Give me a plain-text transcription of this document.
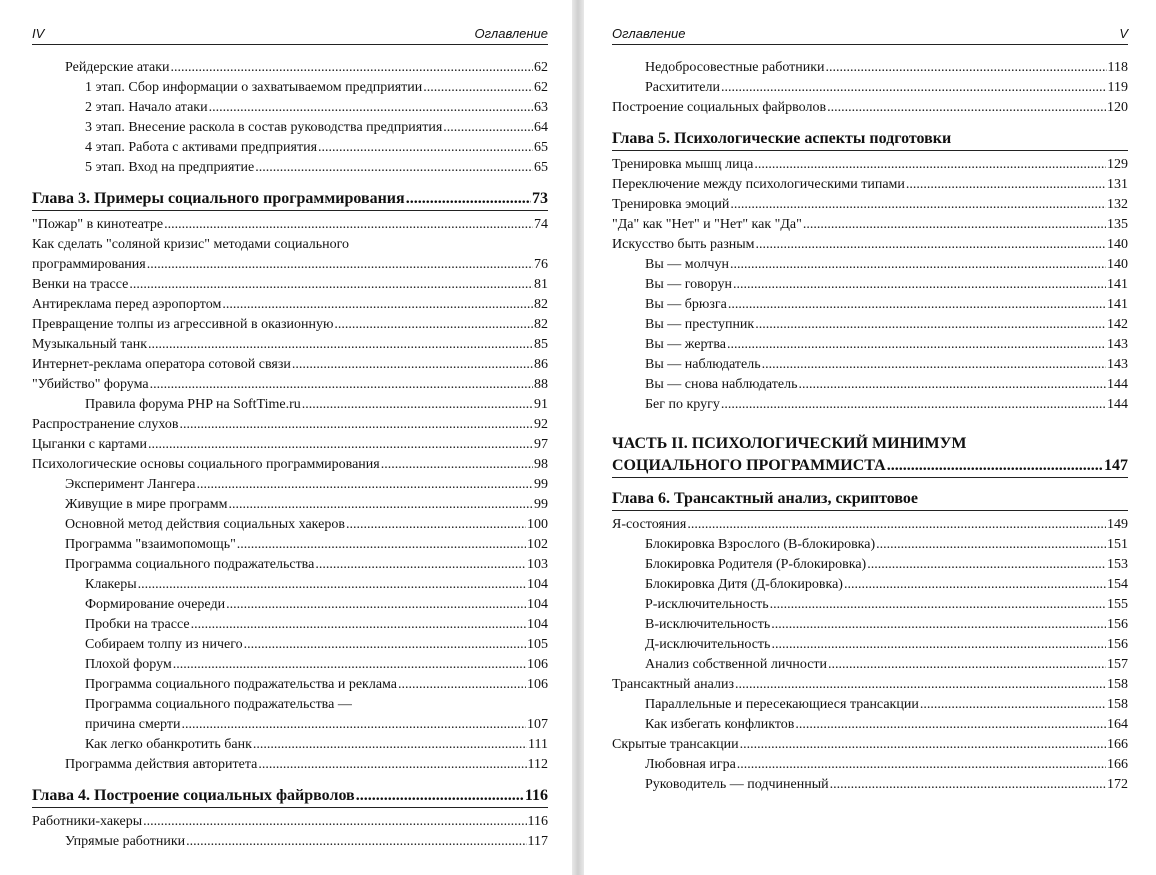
IV	Оглавление
Рейдерские атаки .....	62
1 этап. Сбор информации о захватываемом предприятии .....	62
2 этап. Начало атаки .....	63
3 этап. Внесение раскола в состав руководства предприятия .....	64
4 этап. Работа с активами предприятия .....	65
5 этап. Вход на предприятие .....	65
Глава 3. Примеры социального программирования .....	73
"Пожар" в кинотеатре .....	74
Как сделать "соляной кризис" методами социального
программирования .....	76
Венки на трассе .....	81
Антиреклама перед аэропортом .....	82
Превращение толпы из агрессивной в оказионную .....	82
Музыкальный танк .....	85
Интернет-реклама оператора сотовой связи .....	86
"Убийство" форума .....	88
Правила форума PHP на SoftTime.ru .....	91
Распространение слухов .....	92
Цыганки с картами .....	97
Психологические основы социального программирования .....	98
Эксперимент Лангера .....	99
Живущие в мире программ .....	99
Основной метод действия социальных хакеров .....	100
Программа "взаимопомощь" .....	102
Программа социального подражательства .....	103
Клакеры .....	104
Формирование очереди .....	104
Пробки на трассе .....	104
Собираем толпу из ничего .....	105
Плохой форум .....	106
Программа социального подражательства и реклама .....	106
Программа социального подражательства —
причина смерти .....	107
Как легко обанкротить банк .....	111
Программа действия авторитета .....	112
Глава 4. Построение социальных файрволов .....	116
Работники-хакеры .....	116
Упрямые работники .....	117
Оглавление	V
Недобросовестные работники .....	118
Расхитители .....	119
Построение социальных файрволов .....	120
Глава 5. Психологические аспекты подготовки
.....
Тренировка мышц лица .....	129
Переключение между психологическими типами .....	131
Тренировка эмоций .....	132
"Да" как "Нет" и "Нет" как "Да" .....	135
Искусство быть разным .....	140
Вы — молчун .....	140
Вы — говорун .....	141
Вы — брюзга .....	141
Вы — преступник .....	142
Вы — жертва .....	143
Вы — наблюдатель .....	143
Вы — снова наблюдатель .....	144
Бег по кругу .....	144
ЧАСТЬ II. ПСИХОЛОГИЧЕСКИЙ МИНИМУМ
СОЦИАЛЬНОГО ПРОГРАММИСТА .....	147
Глава 6. Трансактный анализ, скриптовое
.....
Я-состояния .....	149
Блокировка Взрослого (В-блокировка) .....	151
Блокировка Родителя (Р-блокировка) .....	153
Блокировка Дитя (Д-блокировка) .....	154
Р-исключительность .....	155
В-исключительность .....	156
Д-исключительность .....	156
Анализ собственной личности .....	157
Трансактный анализ .....	158
Параллельные и пересекающиеся трансакции .....	158
Как избегать конфликтов .....	164
Скрытые трансакции .....	166
Любовная игра .....	166
Руководитель — подчиненный .....	172
